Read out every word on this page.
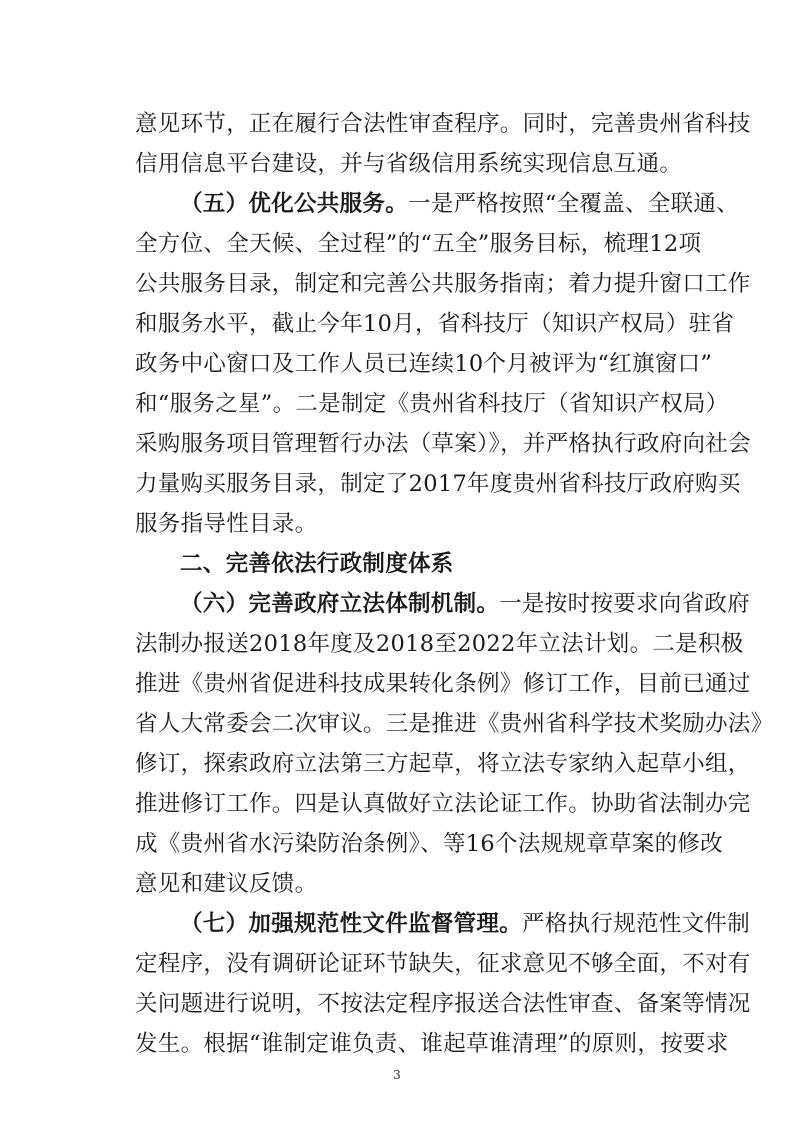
意见环节，正在履行合法性审查程序。同时，完善贵州省科技
信用信息平台建设，并与省级信用系统实现信息互通。
（五）优化公共服务。一是严格按照“全覆盖、全联通、
全方位、全天候、全过程”的“五全”服务目标，梳理12项
公共服务目录，制定和完善公共服务指南；着力提升窗口工作
和服务水平，截止今年10月，省科技厅（知识产权局）驻省
政务中心窗口及工作人员已连续10个月被评为“红旗窗口”
和“服务之星”。二是制定《贵州省科技厅（省知识产权局）
采购服务项目管理暂行办法（草案）》，并严格执行政府向社会
力量购买服务目录，制定了2017年度贵州省科技厅政府购买
服务指导性目录。
二、完善依法行政制度体系
（六）完善政府立法体制机制。一是按时按要求向省政府
法制办报送2018年度及2018至2022年立法计划。二是积极
推进《贵州省促进科技成果转化条例》修订工作，目前已通过
省人大常委会二次审议。三是推进《贵州省科学技术奖励办法》
修订，探索政府立法第三方起草，将立法专家纳入起草小组，
推进修订工作。四是认真做好立法论证工作。协助省法制办完
成《贵州省水污染防治条例》、等16个法规规章草案的修改
意见和建议反馈。
（七）加强规范性文件监督管理。严格执行规范性文件制
定程序，没有调研论证环节缺失，征求意见不够全面，不对有
关问题进行说明，不按法定程序报送合法性审查、备案等情况
发生。根据“谁制定谁负责、谁起草谁清理”的原则，按要求
3
